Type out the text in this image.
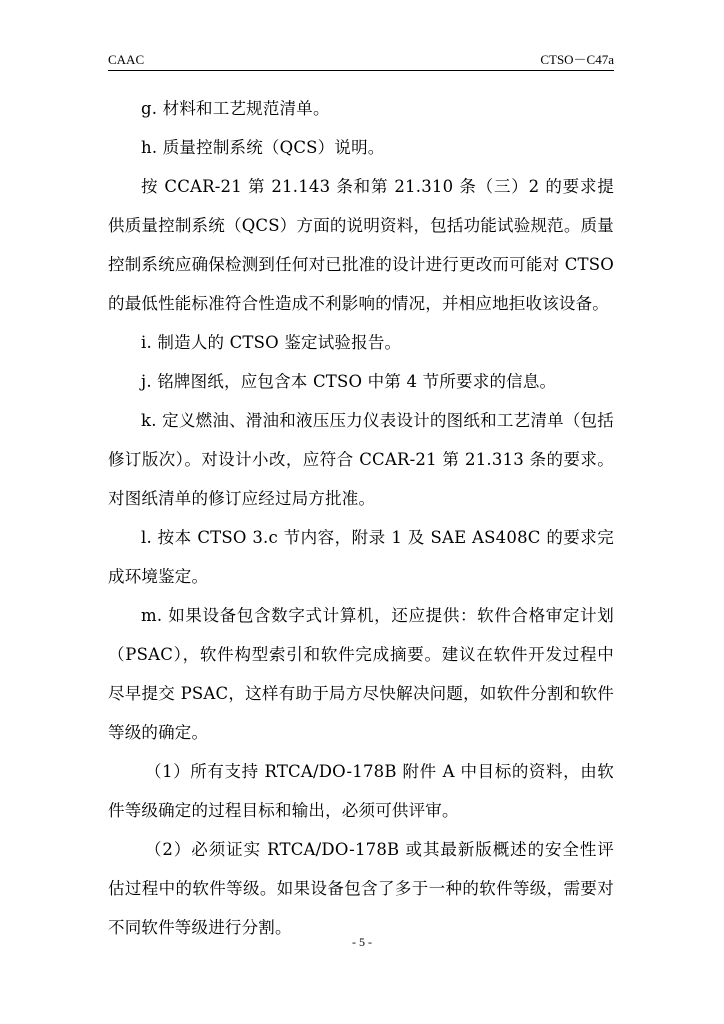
CAAC	CTSO－C47a

g. 材料和工艺规范清单。

h. 质量控制系统（QCS）说明。

按 CCAR-21 第 21.143 条和第 21.310 条（三）2 的要求提供质量控制系统（QCS）方面的说明资料，包括功能试验规范。质量控制系统应确保检测到任何对已批准的设计进行更改而可能对 CTSO 的最低性能标准符合性造成不利影响的情况，并相应地拒收该设备。

i. 制造人的 CTSO 鉴定试验报告。

j. 铭牌图纸，应包含本 CTSO 中第 4 节所要求的信息。

k. 定义燃油、滑油和液压压力仪表设计的图纸和工艺清单（包括修订版次）。对设计小改，应符合 CCAR-21 第 21.313 条的要求。对图纸清单的修订应经过局方批准。

l. 按本 CTSO 3.c 节内容，附录 1 及 SAE AS408C 的要求完成环境鉴定。

m. 如果设备包含数字式计算机，还应提供：软件合格审定计划（PSAC），软件构型索引和软件完成摘要。建议在软件开发过程中尽早提交 PSAC，这样有助于局方尽快解决问题，如软件分割和软件等级的确定。

（1）所有支持 RTCA/DO-178B 附件 A 中目标的资料，由软件等级确定的过程目标和输出，必须可供评审。

（2）必须证实 RTCA/DO-178B 或其最新版概述的安全性评估过程中的软件等级。如果设备包含了多于一种的软件等级，需要对不同软件等级进行分割。

- 5 -
